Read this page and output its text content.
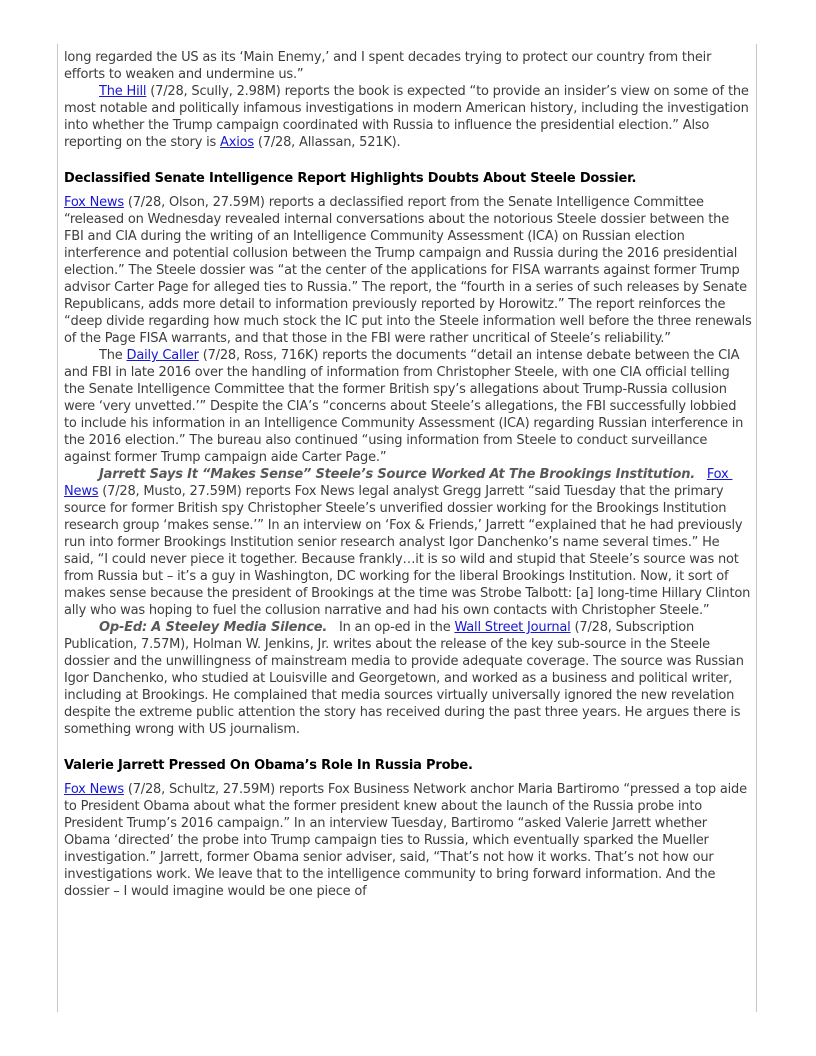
long regarded the US as its ‘Main Enemy,’ and I spent decades trying to protect our country from their efforts to weaken and undermine us.”
The Hill (7/28, Scully, 2.98M) reports the book is expected “to provide an insider’s view on some of the most notable and politically infamous investigations in modern American history, including the investigation into whether the Trump campaign coordinated with Russia to influence the presidential election.” Also reporting on the story is Axios (7/28, Allassan, 521K).
Declassified Senate Intelligence Report Highlights Doubts About Steele Dossier.
Fox News (7/28, Olson, 27.59M) reports a declassified report from the Senate Intelligence Committee “released on Wednesday revealed internal conversations about the notorious Steele dossier between the FBI and CIA during the writing of an Intelligence Community Assessment (ICA) on Russian election interference and potential collusion between the Trump campaign and Russia during the 2016 presidential election.” The Steele dossier was “at the center of the applications for FISA warrants against former Trump advisor Carter Page for alleged ties to Russia.” The report, the “fourth in a series of such releases by Senate Republicans, adds more detail to information previously reported by Horowitz.” The report reinforces the “deep divide regarding how much stock the IC put into the Steele information well before the three renewals of the Page FISA warrants, and that those in the FBI were rather uncritical of Steele’s reliability.”
The Daily Caller (7/28, Ross, 716K) reports the documents “detail an intense debate between the CIA and FBI in late 2016 over the handling of information from Christopher Steele, with one CIA official telling the Senate Intelligence Committee that the former British spy’s allegations about Trump-Russia collusion were ‘very unvetted.’” Despite the CIA’s “concerns about Steele’s allegations, the FBI successfully lobbied to include his information in an Intelligence Community Assessment (ICA) regarding Russian interference in the 2016 election.” The bureau also continued “using information from Steele to conduct surveillance against former Trump campaign aide Carter Page.”
Jarrett Says It “Makes Sense” Steele’s Source Worked At The Brookings Institution. Fox News (7/28, Musto, 27.59M) reports Fox News legal analyst Gregg Jarrett “said Tuesday that the primary source for former British spy Christopher Steele’s unverified dossier working for the Brookings Institution research group ‘makes sense.’” In an interview on ‘Fox & Friends,’ Jarrett “explained that he had previously run into former Brookings Institution senior research analyst Igor Danchenko’s name several times.” He said, “I could never piece it together. Because frankly…it is so wild and stupid that Steele’s source was not from Russia but – it’s a guy in Washington, DC working for the liberal Brookings Institution. Now, it sort of makes sense because the president of Brookings at the time was Strobe Talbott: [a] long-time Hillary Clinton ally who was hoping to fuel the collusion narrative and had his own contacts with Christopher Steele.”
Op-Ed: A Steeley Media Silence.   In an op-ed in the Wall Street Journal (7/28, Subscription Publication, 7.57M), Holman W. Jenkins, Jr. writes about the release of the key sub-source in the Steele dossier and the unwillingness of mainstream media to provide adequate coverage. The source was Russian Igor Danchenko, who studied at Louisville and Georgetown, and worked as a business and political writer, including at Brookings. He complained that media sources virtually universally ignored the new revelation despite the extreme public attention the story has received during the past three years. He argues there is something wrong with US journalism.
Valerie Jarrett Pressed On Obama’s Role In Russia Probe.
Fox News (7/28, Schultz, 27.59M) reports Fox Business Network anchor Maria Bartiromo “pressed a top aide to President Obama about what the former president knew about the launch of the Russia probe into President Trump’s 2016 campaign.” In an interview Tuesday, Bartiromo “asked Valerie Jarrett whether Obama ‘directed’ the probe into Trump campaign ties to Russia, which eventually sparked the Mueller investigation.” Jarrett, former Obama senior adviser, said, “That’s not how it works. That’s not how our investigations work. We leave that to the intelligence community to bring forward information. And the dossier – I would imagine would be one piece of
